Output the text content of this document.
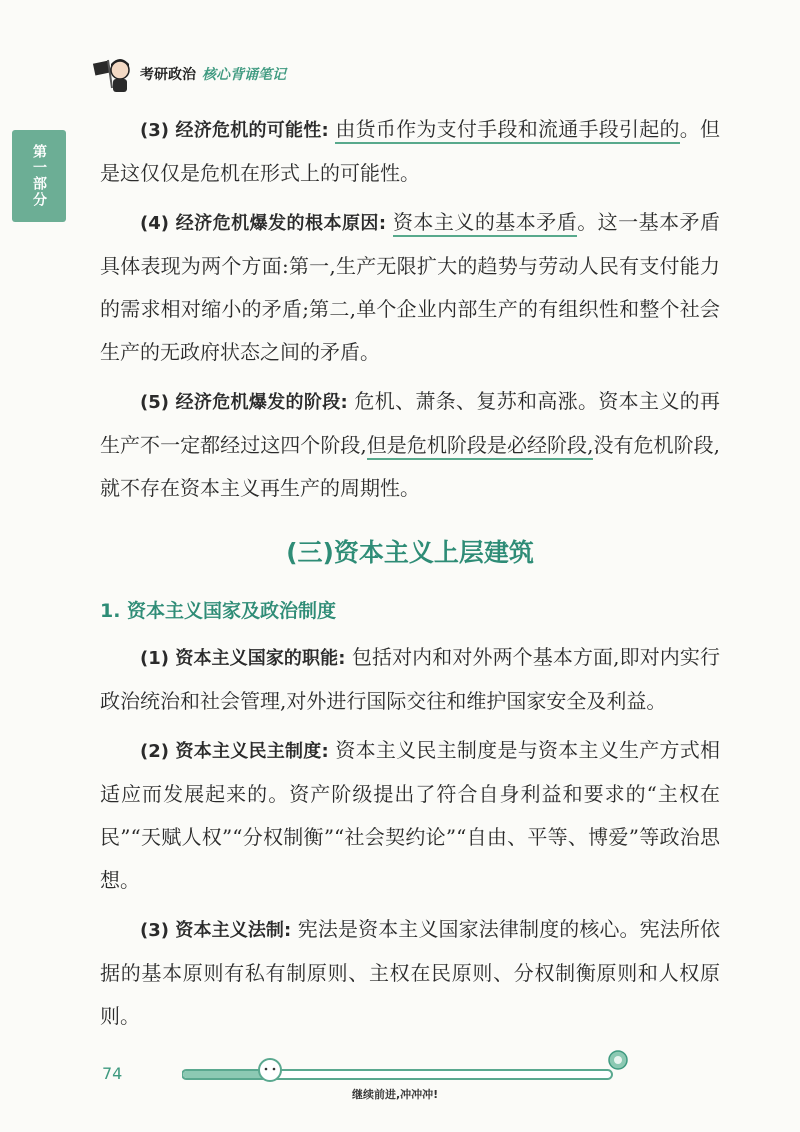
考研政治 核心背诵笔记
第一部分

(3) 经济危机的可能性: 由货币作为支付手段和流通手段引起的。但是这仅仅是危机在形式上的可能性。

(4) 经济危机爆发的根本原因: 资本主义的基本矛盾。这一基本矛盾具体表现为两个方面:第一,生产无限扩大的趋势与劳动人民有支付能力的需求相对缩小的矛盾;第二,单个企业内部生产的有组织性和整个社会生产的无政府状态之间的矛盾。

(5) 经济危机爆发的阶段: 危机、萧条、复苏和高涨。资本主义的再生产不一定都经过这四个阶段,但是危机阶段是必经阶段,没有危机阶段,就不存在资本主义再生产的周期性。

(三)资本主义上层建筑
1. 资本主义国家及政治制度

(1) 资本主义国家的职能: 包括对内和对外两个基本方面,即对内实行政治统治和社会管理,对外进行国际交往和维护国家安全及利益。

(2) 资本主义民主制度: 资本主义民主制度是与资本主义生产方式相适应而发展起来的。资产阶级提出了符合自身利益和要求的“主权在民”“天赋人权”“分权制衡”“社会契约论”“自由、平等、博爱”等政治思想。

(3) 资本主义法制: 宪法是资本主义国家法律制度的核心。宪法所依据的基本原则有私有制原则、主权在民原则、分权制衡原则和人权原则。

74
继续前进,冲冲冲!
